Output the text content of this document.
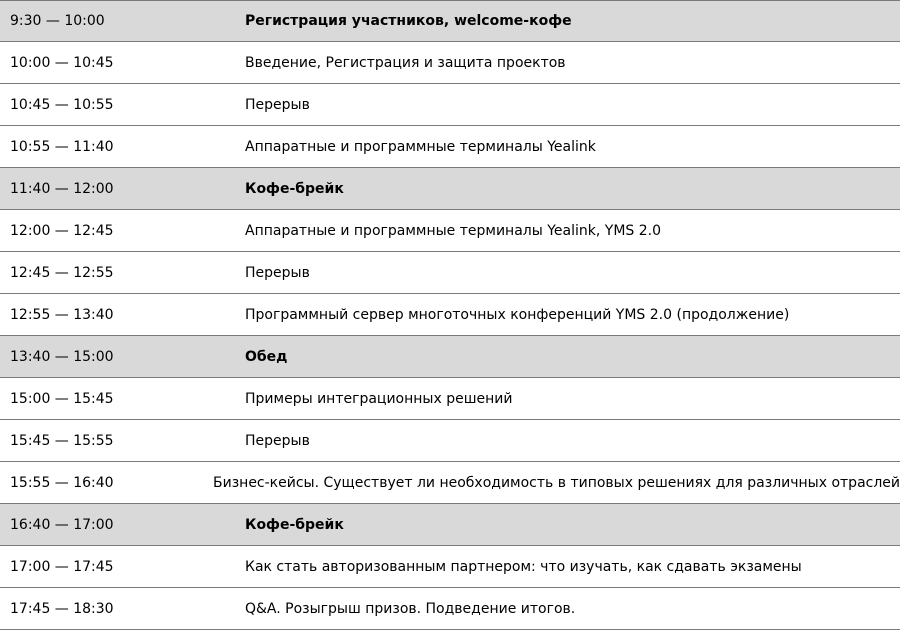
9:30 — 10:00	Регистрация участников, welcome-кофе
10:00 — 10:45	Введение, Регистрация и защита проектов
10:45 — 10:55	Перерыв
10:55 — 11:40	Аппаратные и программные терминалы Yealink
11:40 — 12:00	Кофе-брейк
12:00 — 12:45	Аппаратные и программные терминалы Yealink, YMS 2.0
12:45 — 12:55	Перерыв
12:55 — 13:40	Программный сервер многоточных конференций YMS 2.0 (продолжение)
13:40 — 15:00	Обед
15:00 — 15:45	Примеры интеграционных решений
15:45 — 15:55	Перерыв
15:55 — 16:40	Бизнес-кейсы. Существует ли необходимость в типовых решениях для различных отраслей
16:40 — 17:00	Кофе-брейк
17:00 — 17:45	Как стать авторизованным партнером: что изучать, как сдавать экзамены
17:45 — 18:30	Q&A. Розыгрыш призов. Подведение итогов.
